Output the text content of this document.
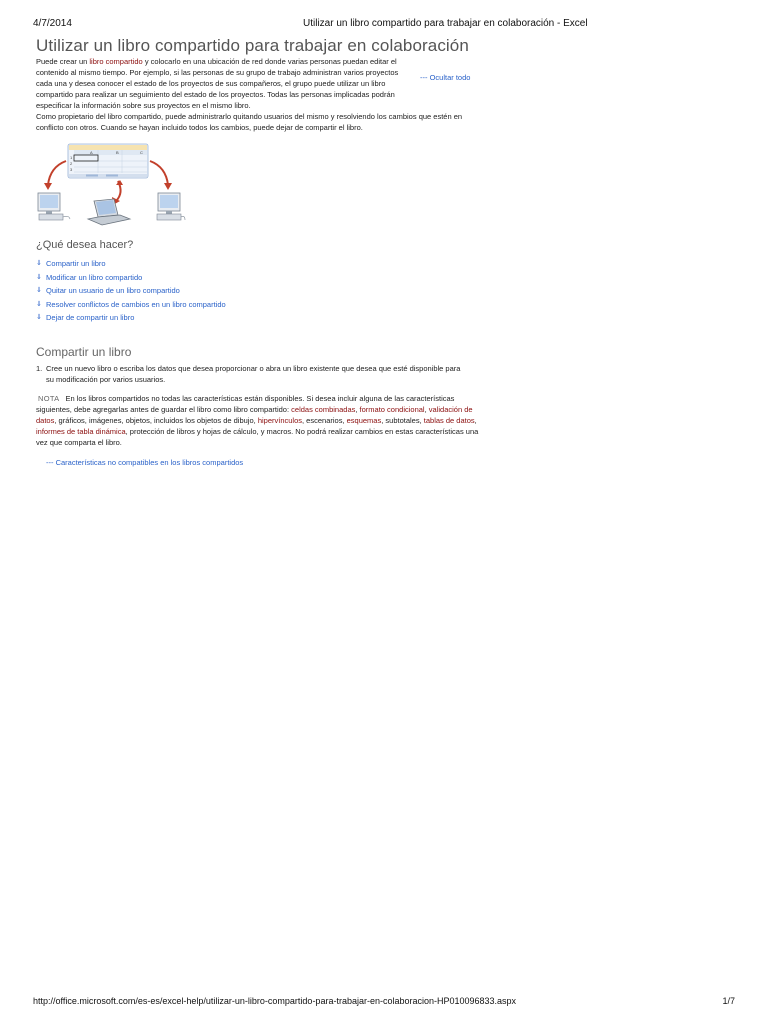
4/7/2014	Utilizar un libro compartido para trabajar en colaboración - Excel
Utilizar un libro compartido para trabajar en colaboración
--- Ocultar todo

Puede crear un libro compartido y colocarlo en una ubicación de red donde varias personas puedan editar el contenido al mismo tiempo. Por ejemplo, si las personas de su grupo de trabajo administran varios proyectos cada una y desea conocer el estado de los proyectos de sus compañeros, el grupo puede utilizar un libro compartido para realizar un seguimiento del estado de los proyectos. Todas las personas implicadas podrán especificar la información sobre sus proyectos en el mismo libro.

Como propietario del libro compartido, puede administrarlo quitando usuarios del mismo y resolviendo los cambios que estén en conflicto con otros. Cuando se hayan incluido todos los cambios, puede dejar de compartir el libro.

A	B	C
1
2
3
¿Qué desea hacer?
⇓ Compartir un libro
⇓ Modificar un libro compartido
⇓ Quitar un usuario de un libro compartido
⇓ Resolver conflictos de cambios en un libro compartido
⇓ Dejar de compartir un libro
Compartir un libro
1. Cree un nuevo libro o escriba los datos que desea proporcionar o abra un libro existente que desea que esté disponible para su modificación por varios usuarios.
NOTA En los libros compartidos no todas las características están disponibles. Si desea incluir alguna de las características siguientes, debe agregarlas antes de guardar el libro como libro compartido: celdas combinadas, formato condicional, validación de datos, gráficos, imágenes, objetos, incluidos los objetos de dibujo, hipervínculos, escenarios, esquemas, subtotales, tablas de datos, informes de tabla dinámica, protección de libros y hojas de cálculo, y macros. No podrá realizar cambios en estas características una vez que comparta el libro.
--- Características no compatibles en los libros compartidos
http://office.microsoft.com/es-es/excel-help/utilizar-un-libro-compartido-para-trabajar-en-colaboracion-HP010096833.aspx	1/7
